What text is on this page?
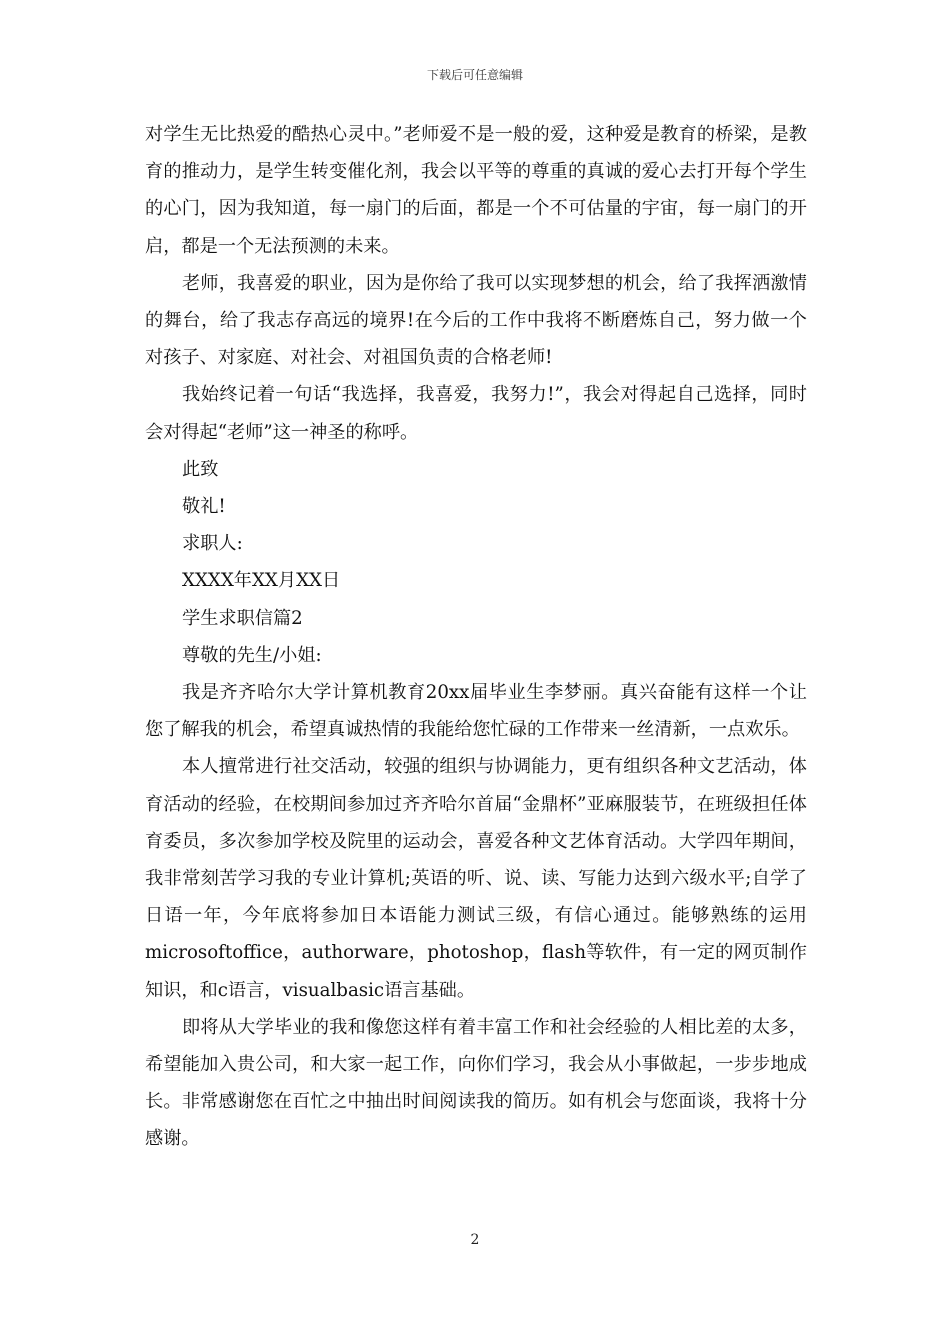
下载后可任意编辑

对学生无比热爱的酷热心灵中。”老师爱不是一般的爱，这种爱是教育的桥梁，是教育的推动力，是学生转变催化剂，我会以平等的尊重的真诚的爱心去打开每个学生的心门，因为我知道，每一扇门的后面，都是一个不可估量的宇宙，每一扇门的开启，都是一个无法预测的未来。

老师，我喜爱的职业，因为是你给了我可以实现梦想的机会，给了我挥洒激情的舞台，给了我志存高远的境界!在今后的工作中我将不断磨炼自己，努力做一个对孩子、对家庭、对社会、对祖国负责的合格老师!

我始终记着一句话“我选择，我喜爱，我努力!”，我会对得起自己选择，同时会对得起“老师”这一神圣的称呼。

此致

敬礼!

求职人:

XXXX年XX月XX日

学生求职信篇2

尊敬的先生/小姐:

我是齐齐哈尔大学计算机教育20xx届毕业生李梦丽。真兴奋能有这样一个让您了解我的机会，希望真诚热情的我能给您忙碌的工作带来一丝清新，一点欢乐。

本人擅常进行社交活动，较强的组织与协调能力，更有组织各种文艺活动，体育活动的经验，在校期间参加过齐齐哈尔首届“金鼎杯”亚麻服装节，在班级担任体育委员，多次参加学校及院里的运动会，喜爱各种文艺体育活动。大学四年期间，我非常刻苦学习我的专业计算机;英语的听、说、读、写能力达到六级水平;自学了日语一年，今年底将参加日本语能力测试三级，有信心通过。能够熟练的运用microsoftoffice，authorware，photoshop，flash等软件，有一定的网页制作知识，和c语言，visualbasic语言基础。

即将从大学毕业的我和像您这样有着丰富工作和社会经验的人相比差的太多，希望能加入贵公司，和大家一起工作，向你们学习，我会从小事做起，一步步地成长。非常感谢您在百忙之中抽出时间阅读我的简历。如有机会与您面谈，我将十分感谢。

2
